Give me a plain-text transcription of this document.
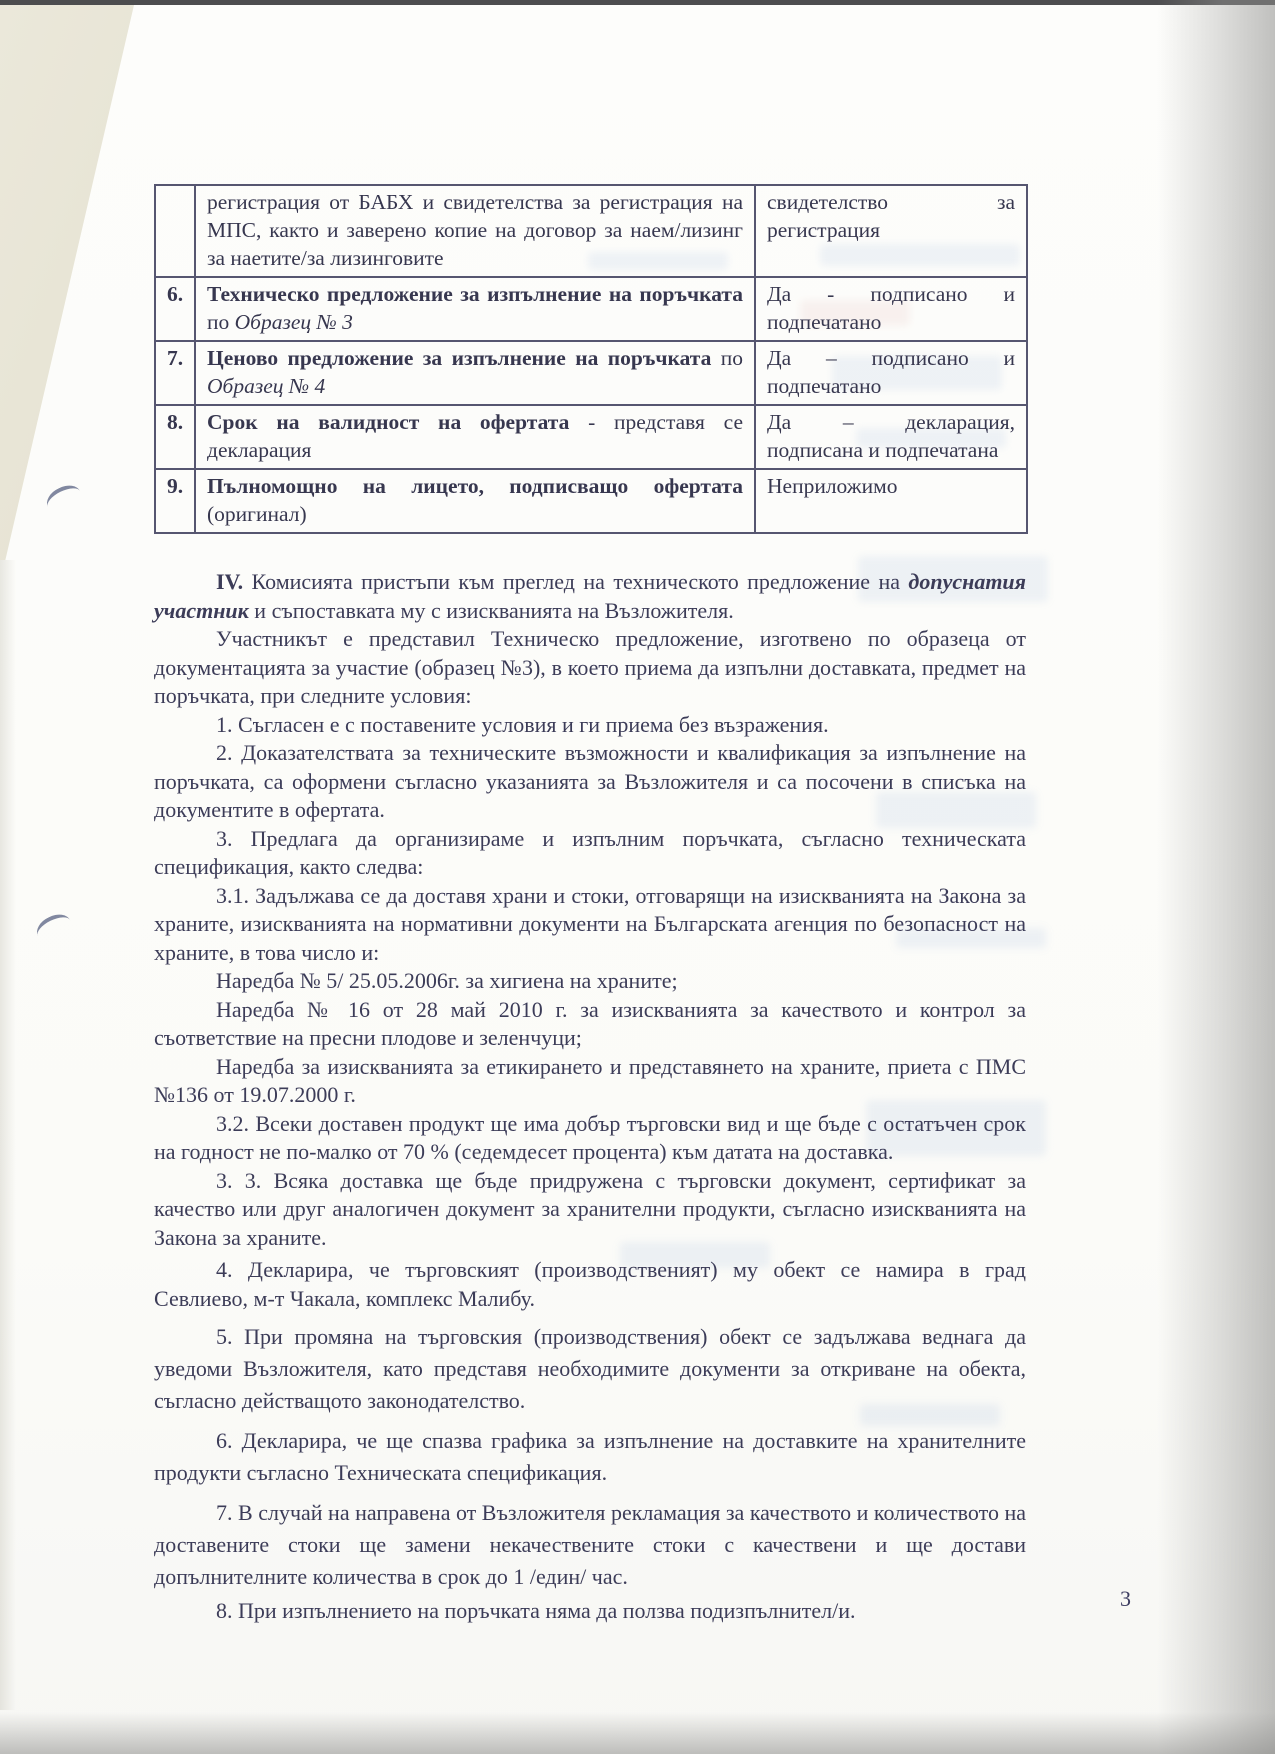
	регистрация от БАБХ и свидетелства за регистрация на МПС, както и заверено копие на договор за наем/лизинг за наетите/за лизинговите	свидетелство за регистрация
6.	Техническо предложение за изпълнение на поръчката по Образец № 3	Да - подписано и подпечатано
7.	Ценово предложение за изпълнение на поръчката по Образец № 4	Да – подписано и подпечатано
8.	Срок на валидност на офертата - представя се декларация	Да – декларация, подписана и подпечатана
9.	Пълномощно на лицето, подписващо офертата (оригинал)	Неприложимо

IV. Комисията пристъпи към преглед на техническото предложение на допуснатия участник и съпоставката му с изискванията на Възложителя.

Участникът е представил Техническо предложение, изготвено по образеца от документацията за участие (образец №3), в което приема да изпълни доставката, предмет на поръчката, при следните условия:

1. Съгласен е с поставените условия и ги приема без възражения.

2. Доказателствата за техническите възможности и квалификация за изпълнение на поръчката, са оформени съгласно указанията за Възложителя и са посочени в списъка на документите в офертата.

3. Предлага да организираме и изпълним поръчката, съгласно техническата спецификация, както следва:

3.1. Задължава се да доставя храни и стоки, отговарящи на изискванията на Закона за храните, изискванията на нормативни документи на Българската агенция по безопасност на храните, в това число и:

Наредба № 5/ 25.05.2006г. за хигиена на храните;

Наредба № 16 от 28 май 2010 г. за изискванията за качеството и контрол за съответствие на пресни плодове и зеленчуци;

Наредба за изискванията за етикирането и представянето на храните, приета с ПМС №136 от 19.07.2000 г.

3.2. Всеки доставен продукт ще има добър търговски вид и ще бъде с остатъчен срок на годност не по-малко от 70 % (седемдесет процента) към датата на доставка.

3. 3. Всяка доставка ще бъде придружена с търговски документ, сертификат за качество или друг аналогичен документ за хранителни продукти, съгласно изискванията на Закона за храните.

4. Декларира, че търговският (производственият) му обект се намира в град Севлиево, м-т Чакала, комплекс Малибу.

5. При промяна на търговския (производствения) обект се задължава веднага да уведоми Възложителя, като представя необходимите документи за откриване на обекта, съгласно действащото законодателство.

6. Декларира, че ще спазва графика за изпълнение на доставките на хранителните продукти съгласно Техническата спецификация.

7. В случай на направена от Възложителя рекламация за качеството и количеството на доставените стоки ще замени некачествените стоки с качествени и ще достави допълнителните количества в срок до 1 /един/ час.

8. При изпълнението на поръчката няма да ползва подизпълнител/и.	3
